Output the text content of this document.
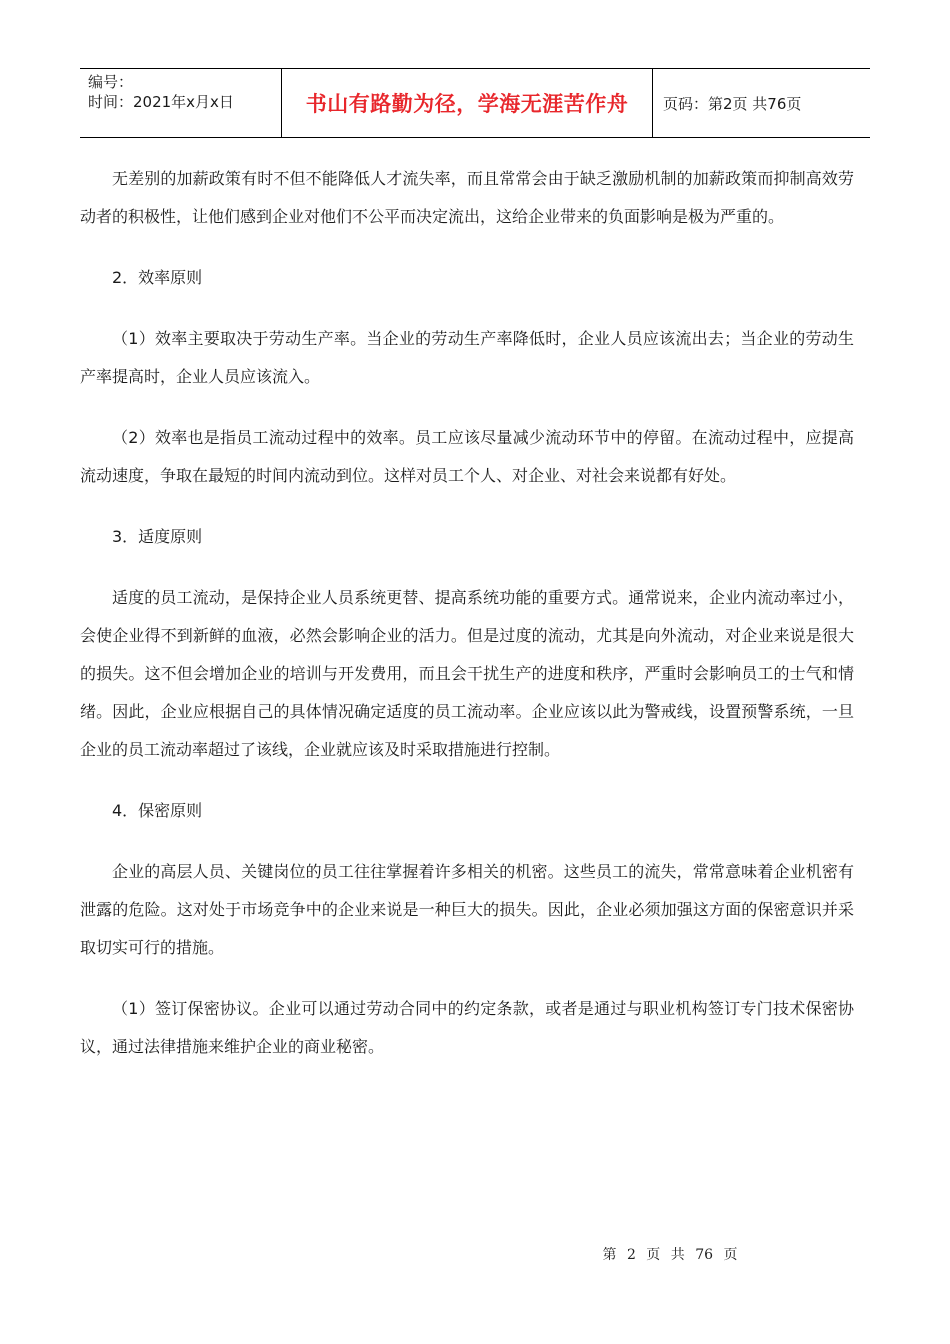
编号：
时间：2021年x月x日	书山有路勤为径，学海无涯苦作舟 页码：第2页 共76页

无差别的加薪政策有时不但不能降低人才流失率，而且常常会由于缺乏激励机制的加薪政策而抑制高效劳动者的积极性，让他们感到企业对他们不公平而决定流出，这给企业带来的负面影响是极为严重的。

2．效率原则

（1）效率主要取决于劳动生产率。当企业的劳动生产率降低时，企业人员应该流出去；当企业的劳动生产率提高时，企业人员应该流入。

（2）效率也是指员工流动过程中的效率。员工应该尽量减少流动环节中的停留。在流动过程中，应提高流动速度，争取在最短的时间内流动到位。这样对员工个人、对企业、对社会来说都有好处。

3．适度原则

适度的员工流动，是保持企业人员系统更替、提高系统功能的重要方式。通常说来，企业内流动率过小，会使企业得不到新鲜的血液，必然会影响企业的活力。但是过度的流动，尤其是向外流动，对企业来说是很大的损失。这不但会增加企业的培训与开发费用，而且会干扰生产的进度和秩序，严重时会影响员工的士气和情绪。因此，企业应根据自己的具体情况确定适度的员工流动率。企业应该以此为警戒线，设置预警系统，一旦企业的员工流动率超过了该线，企业就应该及时采取措施进行控制。

4．保密原则

企业的高层人员、关键岗位的员工往往掌握着许多相关的机密。这些员工的流失，常常意味着企业机密有泄露的危险。这对处于市场竞争中的企业来说是一种巨大的损失。因此，企业必须加强这方面的保密意识并采取切实可行的措施。

（1）签订保密协议。企业可以通过劳动合同中的约定条款，或者是通过与职业机构签订专门技术保密协议，通过法律措施来维护企业的商业秘密。

第 2 页 共 76 页
